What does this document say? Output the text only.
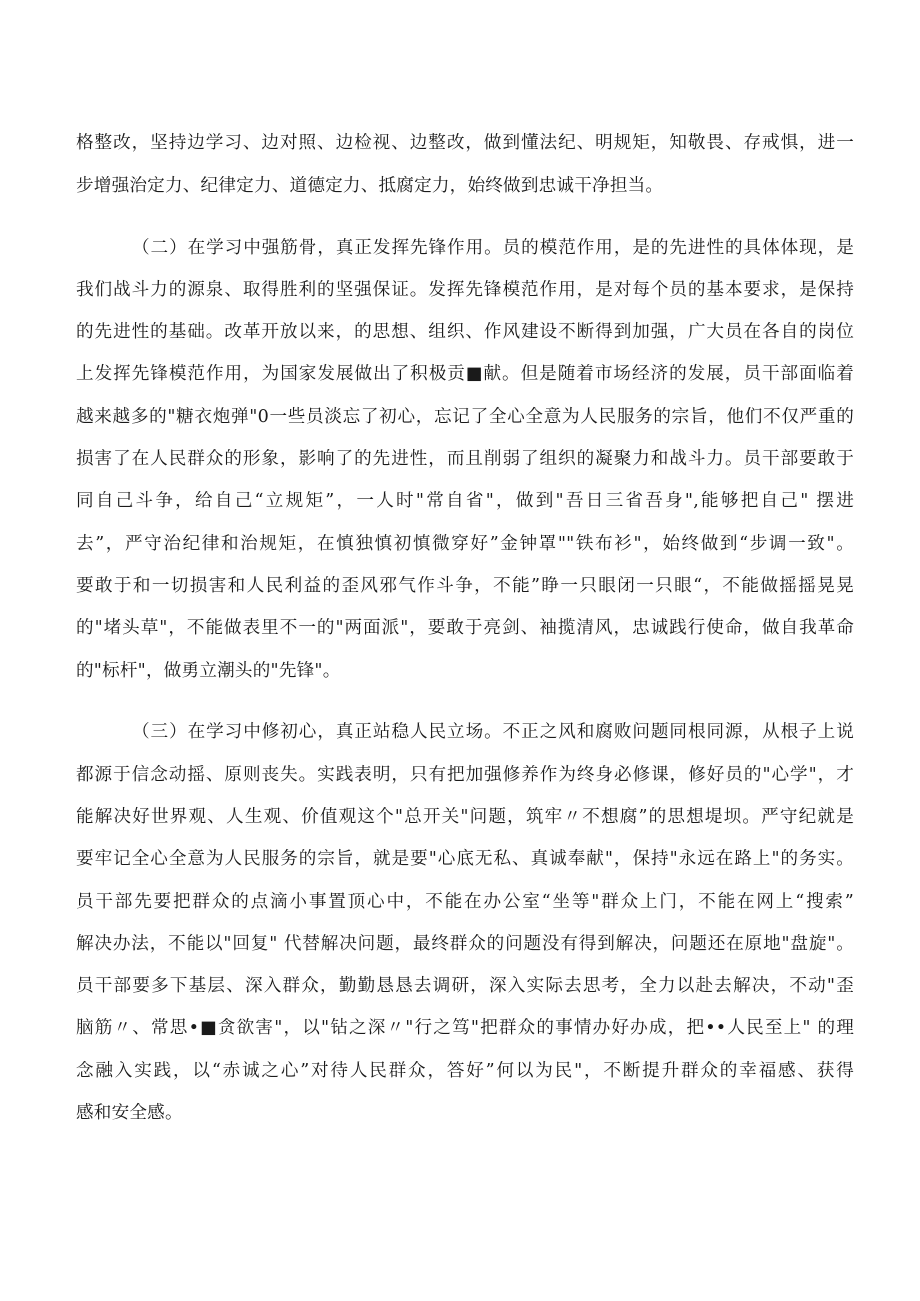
格整改，坚持边学习、边对照、边检视、边整改，做到懂法纪、明规矩，知敬畏、存戒惧，进一
步增强治定力、纪律定力、道德定力、抵腐定力，始终做到忠诚干净担当。
（二）在学习中强筋骨，真正发挥先锋作用。员的模范作用，是的先进性的具体体现，是
我们战斗力的源泉、取得胜利的坚强保证。发挥先锋模范作用，是对每个员的基本要求，是保持
的先进性的基础。改革开放以来，的思想、组织、作风建设不断得到加强，广大员在各自的岗位
上发挥先锋模范作用，为国家发展做出了积极贡■献。但是随着市场经济的发展，员干部面临着
越来越多的"糖衣炮弹"0一些员淡忘了初心，忘记了全心全意为人民服务的宗旨，他们不仅严重的
损害了在人民群众的形象，影响了的先进性，而且削弱了组织的凝聚力和战斗力。员干部要敢于
同自己斗争，给自己“立规矩”，一人时"常自省"，做到"吾日三省吾身",能够把自己" 摆进
去”，严守治纪律和治规矩，在慎独慎初慎微穿好”金钟罩""铁布衫"，始终做到“步调一致"。
要敢于和一切损害和人民利益的歪风邪气作斗争，不能”睁一只眼闭一只眼“，不能做摇摇晃晃
的"堵头草"，不能做表里不一的"两面派"，要敢于亮剑、袖揽清风，忠诚践行使命，做自我革命
的"标杆"，做勇立潮头的"先锋"。
（三）在学习中修初心，真正站稳人民立场。不正之风和腐败问题同根同源，从根子上说
都源于信念动摇、原则丧失。实践表明，只有把加强修养作为终身必修课，修好员的"心学"，才
能解决好世界观、人生观、价值观这个"总开关"问题，筑牢〃不想腐”的思想堤坝。严守纪就是
要牢记全心全意为人民服务的宗旨，就是要"心底无私、真诚奉献"，保持"永远在路上"的务实。
员干部先要把群众的点滴小事置顶心中，不能在办公室“坐等"群众上门，不能在网上“搜索”
解决办法，不能以"回复" 代替解决问题，最终群众的问题没有得到解决，问题还在原地"盘旋"。
员干部要多下基层、深入群众，勤勤恳恳去调研，深入实际去思考，全力以赴去解决，不动"歪
脑筋〃、常思•■贪欲害"，以"钻之深〃"行之笃"把群众的事情办好办成，把••人民至上" 的理
念融入实践，以“赤诚之心”对待人民群众，答好”何以为民"，不断提升群众的幸福感、获得
感和安全感。
